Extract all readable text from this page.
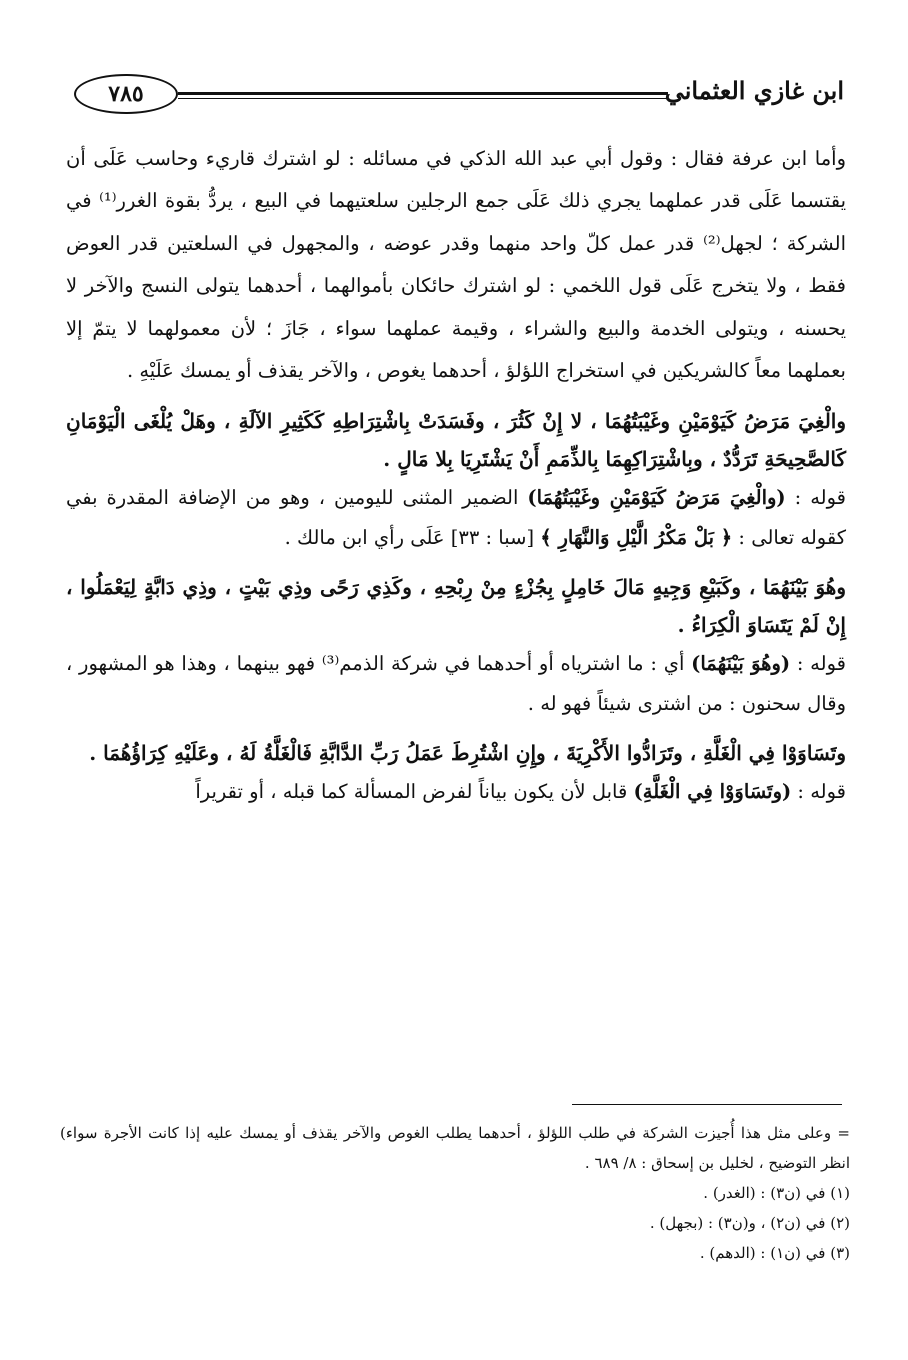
٧٨٥	ابن غازي العثماني

وأما ابن عرفة فقال : وقول أبي عبد الله الذكي في مسائله : لو اشترك قاريء وحاسب عَلَى أن يقتسما عَلَى قدر عملهما يجري ذلك عَلَى جمع الرجلين سلعتيهما في البيع ، يردُّ بقوة الغرر⁽¹⁾ في الشركة ؛ لجهل⁽²⁾ قدر عمل كلّ واحد منهما وقدر عوضه ، والمجهول في السلعتين قدر العوض فقط ، ولا يتخرج عَلَى قول اللخمي : لو اشترك حائكان بأموالهما ، أحدهما يتولى النسج والآخر لا يحسنه ، ويتولى الخدمة والبيع والشراء ، وقيمة عملهما سواء ، جَازَ ؛ لأن معمولهما لا يتمّ إلا بعملهما معاً كالشريكين في استخراج اللؤلؤ ، أحدهما يغوص ، والآخر يقذف أو يمسك عَلَيْهِ .

والْغِيَ مَرَضُ كَيَوْمَيْنِ وغَيْبَتُهُمَا ، لا إِنْ كَثُرَ ، وفَسَدَتْ بِاشْتِرَاطِهِ كَكَثِيرِ الآلَةِ ، وهَلْ يُلْغَى الْيَوْمَانِ كَالصَّحِيحَةِ تَرَدُّدٌ ، وبِاشْتِرَاكِهِمَا بِالذِّمَمِ أَنْ يَشْتَرِيَا بِلا مَالٍ .

قوله : (والْغِيَ مَرَضُ كَيَوْمَيْنِ وغَيْبَتُهُمَا) الضمير المثنى لليومين ، وهو من الإضافة المقدرة بفي كقوله تعالى : ﴿ بَلْ مَكْرُ الَّيْلِ وَالنَّهَارِ ﴾ [سبا : ٣٣] عَلَى رأي ابن مالك .

وهُوَ بَيْنَهُمَا ، وكَبَيْعِ وَجِيهٍ مَالَ خَامِلٍ بِجُزْءٍ مِنْ رِبْحِهِ ، وكَذِي رَحًى وذِي بَيْتٍ ، وذِي دَابَّةٍ لِيَعْمَلُوا ، إِنْ لَمْ يَتَسَاوَ الْكِرَاءُ .

قوله : (وهُوَ بَيْنَهُمَا) أي : ما اشترياه أو أحدهما في شركة الذمم⁽³⁾ فهو بينهما ، وهذا هو المشهور ، وقال سحنون : من اشترى شيئاً فهو له .

وتَسَاوَوْا فِي الْغَلَّةِ ، وتَرَادُّوا الأَكْرِيَةَ ، وإِنِ اشْتُرِطَ عَمَلُ رَبِّ الدَّابَّةِ فَالْغَلَّةُ لَهُ ، وعَلَيْهِ كِرَاؤُهُمَا .

قوله : (وتَسَاوَوْا فِي الْغَلَّةِ) قابل لأن يكون بياناً لفرض المسألة كما قبله ، أو تقريراً

= وعلى مثل هذا أُجيزت الشركة في طلب اللؤلؤ ، أحدهما يطلب الغوص والآخر يقذف أو يمسك عليه إذا كانت الأجرة سواء) انظر التوضيح ، لخليل بن إسحاق : ٨/ ٦٨٩ .

(١) في (ن٣) : (الغدر) .

(٢) في (ن٢) ، و(ن٣) : (بجهل) .

(٣) في (ن١) : (الدهم) .
